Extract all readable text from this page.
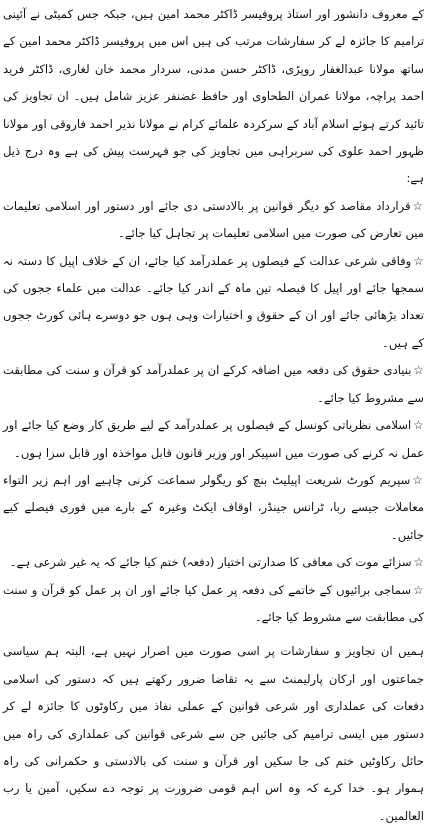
کے معروف دانشور اور استاذ پروفیسر ڈاکٹر محمد امین ہیں، جبکہ جس کمیٹی نے آئینی ترامیم کا جائزہ لے کر سفارشات مرتب کی ہیں اس میں پروفیسر ڈاکٹر محمد امین کے ساتھ مولانا عبدالغفار روپڑی، ڈاکٹر حسن مدنی، سردار محمد خان لغاری، ڈاکٹر فرید احمد پراچہ، مولانا عمران الطحاوی اور حافظ غضنفر عزیز شامل ہیں۔ ان تجاویز کی تائید کرتے ہوئے اسلام آباد کے سرکردہ علمائے کرام نے مولانا نذیر احمد فاروقی اور مولانا ظہور احمد علوی کی سربراہی میں تجاویز کی جو فہرست پیش کی ہے وہ درج ذیل ہے:

☆قرارداد مقاصد کو دیگر قوانین پر بالادستی دی جائے اور دستور اور اسلامی تعلیمات میں تعارض کی صورت میں اسلامی تعلیمات پر تجاہل کیا جائے۔

☆وفاقی شرعی عدالت کے فیصلوں پر عملدرآمد کیا جائے، ان کے خلاف اپیل کا دستہ نہ سمجھا جائے اور اپیل کا فیصلہ تین ماہ کے اندر کیا جائے۔ عدالت میں علماء ججوں کی تعداد بڑھائی جائے اور ان کے حقوق و اختیارات وہی ہوں جو دوسرے ہائی کورٹ ججوں کے ہیں۔

☆بنیادی حقوق کی دفعہ میں اضافہ کرکے ان پر عملدرآمد کو قرآن و سنت کی مطابقت سے مشروط کیا جائے۔

☆اسلامی نظریاتی کونسل کے فیصلوں پر عملدرآمد کے لیے طریق کار وضع کیا جائے اور عمل نہ کرنے کی صورت میں اسپیکر اور وزیر قانون قابل مواخذہ اور قابل سزا ہوں۔

☆سپریم کورٹ شریعت اپیلیٹ بنچ کو ریگولر سماعت کرنی چاہیے اور اہم زیر التواء معاملات جیسے ربا، ٹرانس جینڈر، اوقاف ایکٹ وغیرہ کے بارے میں فوری فیصلے کیے جائیں۔

☆سزائے موت کی معافی کا صدارتی اختیار (دفعہ) ختم کیا جائے کہ یہ غیر شرعی ہے۔

☆سماجی برائیوں کے خاتمے کی دفعہ پر عمل کیا جائے اور ان پر عمل کو قرآن و سنت کی مطابقت سے مشروط کیا جائے۔

ہمیں ان تجاویز و سفارشات پر اسی صورت میں اصرار نہیں ہے، البتہ ہم سیاسی جماعتوں اور ارکان پارلیمنٹ سے یہ تقاضا ضرور رکھتے ہیں کہ دستور کی اسلامی دفعات کی عملداری اور شرعی قوانین کے عملی نفاذ میں رکاوٹوں کا جائزہ لے کر دستور میں ایسی ترامیم کی جائیں جن سے شرعی قوانین کی عملداری کی راہ میں حائل رکاوٹیں ختم کی جا سکیں اور قرآن و سنت کی بالادستی و حکمرانی کی راہ ہموار ہو۔ خدا کرے کہ وہ اس اہم قومی ضرورت پر توجہ دے سکیں، آمین یا رب العالمین۔
